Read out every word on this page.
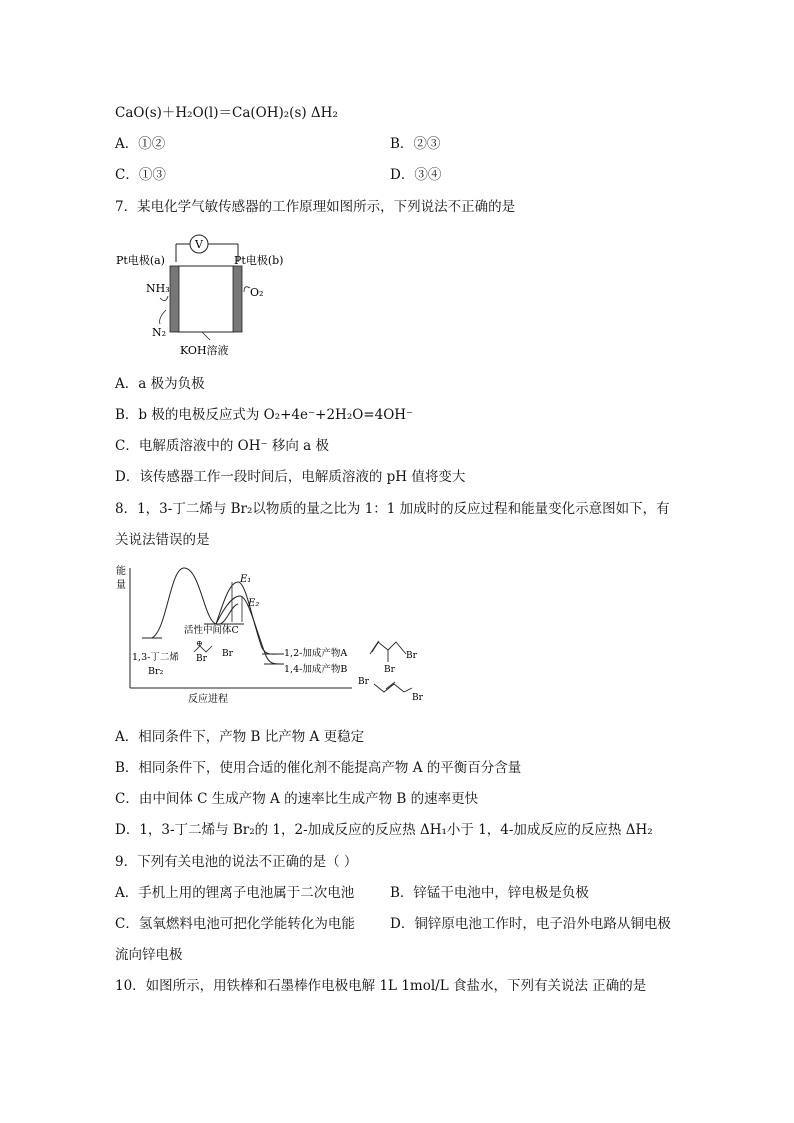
CaO(s)＋H₂O(l)＝Ca(OH)₂(s) ΔH₂
A．①②	B．②③
C．①③	D．③④
7．某电化学气敏传感器的工作原理如图所示，下列说法不正确的是
V
Pt电极(a)	Pt电极(b)
NH₃
N₂
O₂
KOH溶液
A．a 极为负极
B．b 极的电极反应式为 O₂+4e⁻+2H₂O=4OH⁻
C．电解质溶液中的 OH⁻ 移向 a 极
D．该传感器工作一段时间后，电解质溶液的 pH 值将变大
8．1，3-丁二烯与 Br₂以物质的量之比为 1：1 加成时的反应过程和能量变化示意图如下，有
关说法错误的是
能
量
反应进程
E₁
E₂
活性中间体C
⊕
Br Br
1,3-丁二烯
Br₂
1,2-加成产物A
1,4-加成产物B	Br
Br
Br
Br
A．相同条件下，产物 B 比产物 A 更稳定
B．相同条件下，使用合适的催化剂不能提高产物 A 的平衡百分含量
C．由中间体 C 生成产物 A 的速率比生成产物 B 的速率更快
D．1，3-丁二烯与 Br₂的 1，2-加成反应的反应热 ΔH₁小于 1，4-加成反应的反应热 ΔH₂
9．下列有关电池的说法不正确的是（ ）
A．手机上用的锂离子电池属于二次电池	B．锌锰干电池中，锌电极是负极
C．氢氧燃料电池可把化学能转化为电能	D．铜锌原电池工作时，电子沿外电路从铜电极
流向锌电极
10．如图所示，用铁棒和石墨棒作电极电解 1L 1mol/L 食盐水，下列有关说法 正确的是
